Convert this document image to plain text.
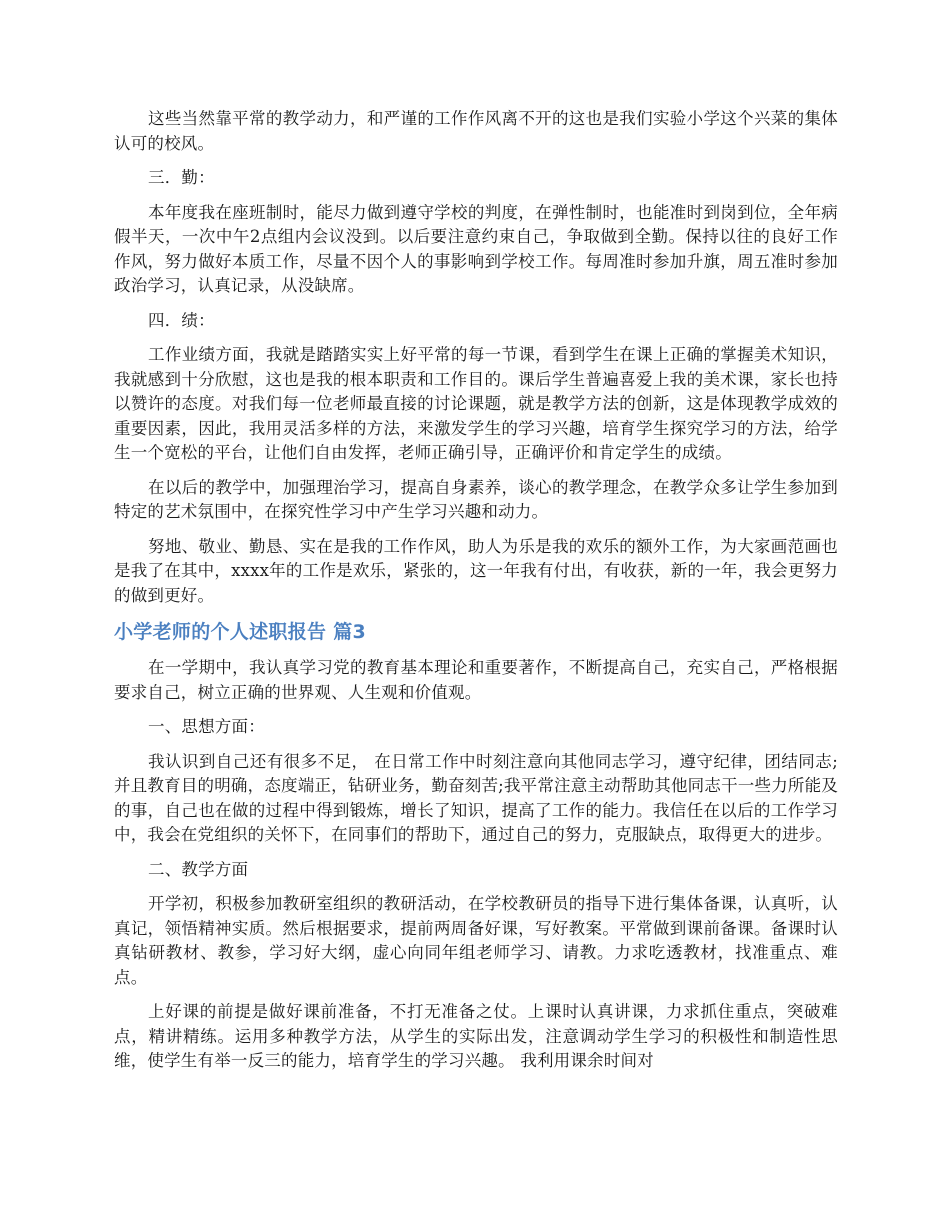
这些当然靠平常的教学动力，和严谨的工作作风离不开的这也是我们实验小学这个兴菜的集体认可的校风。

三．勤：

本年度我在座班制时，能尽力做到遵守学校的判度，在弹性制时，也能准时到岗到位，全年病假半天，一次中午2点组内会议没到。以后要注意约束自己，争取做到全勤。保持以往的良好工作作风，努力做好本质工作，尽量不因个人的事影响到学校工作。每周准时参加升旗，周五准时参加政治学习，认真记录，从没缺席。

四．绩：

工作业绩方面，我就是踏踏实实上好平常的每一节课，看到学生在课上正确的掌握美术知识，我就感到十分欣慰，这也是我的根本职责和工作目的。课后学生普遍喜爱上我的美术课，家长也持以赞许的态度。对我们每一位老师最直接的讨论课题，就是教学方法的创新，这是体现教学成效的重要因素，因此，我用灵活多样的方法，来激发学生的学习兴趣，培育学生探究学习的方法，给学生一个宽松的平台，让他们自由发挥，老师正确引导，正确评价和肯定学生的成绩。

在以后的教学中，加强理治学习，提高自身素养，谈心的教学理念，在教学众多让学生参加到特定的艺术氛围中，在探究性学习中产生学习兴趣和动力。

努地、敬业、勤恳、实在是我的工作作风，助人为乐是我的欢乐的额外工作，为大家画范画也是我了在其中，xxxx年的工作是欢乐，紧张的，这一年我有付出，有收获，新的一年，我会更努力的做到更好。

小学老师的个人述职报告 篇3

在一学期中，我认真学习党的教育基本理论和重要著作，不断提高自己，充实自己，严格根据要求自己，树立正确的世界观、人生观和价值观。

一、思想方面：

我认识到自己还有很多不足， 在日常工作中时刻注意向其他同志学习，遵守纪律，团结同志;并且教育目的明确，态度端正，钻研业务，勤奋刻苦;我平常注意主动帮助其他同志干一些力所能及的事，自己也在做的过程中得到锻炼，增长了知识，提高了工作的能力。我信任在以后的工作学习中，我会在党组织的关怀下，在同事们的帮助下，通过自己的努力，克服缺点，取得更大的进步。

二、教学方面

开学初，积极参加教研室组织的教研活动，在学校教研员的指导下进行集体备课，认真听，认真记，领悟精神实质。然后根据要求，提前两周备好课，写好教案。平常做到课前备课。备课时认真钻研教材、教参，学习好大纲，虚心向同年组老师学习、请教。力求吃透教材，找准重点、难点。

上好课的前提是做好课前准备，不打无准备之仗。上课时认真讲课，力求抓住重点，突破难点，精讲精练。运用多种教学方法，从学生的实际出发，注意调动学生学习的积极性和制造性思维，使学生有举一反三的能力，培育学生的学习兴趣。 我利用课余时间对
